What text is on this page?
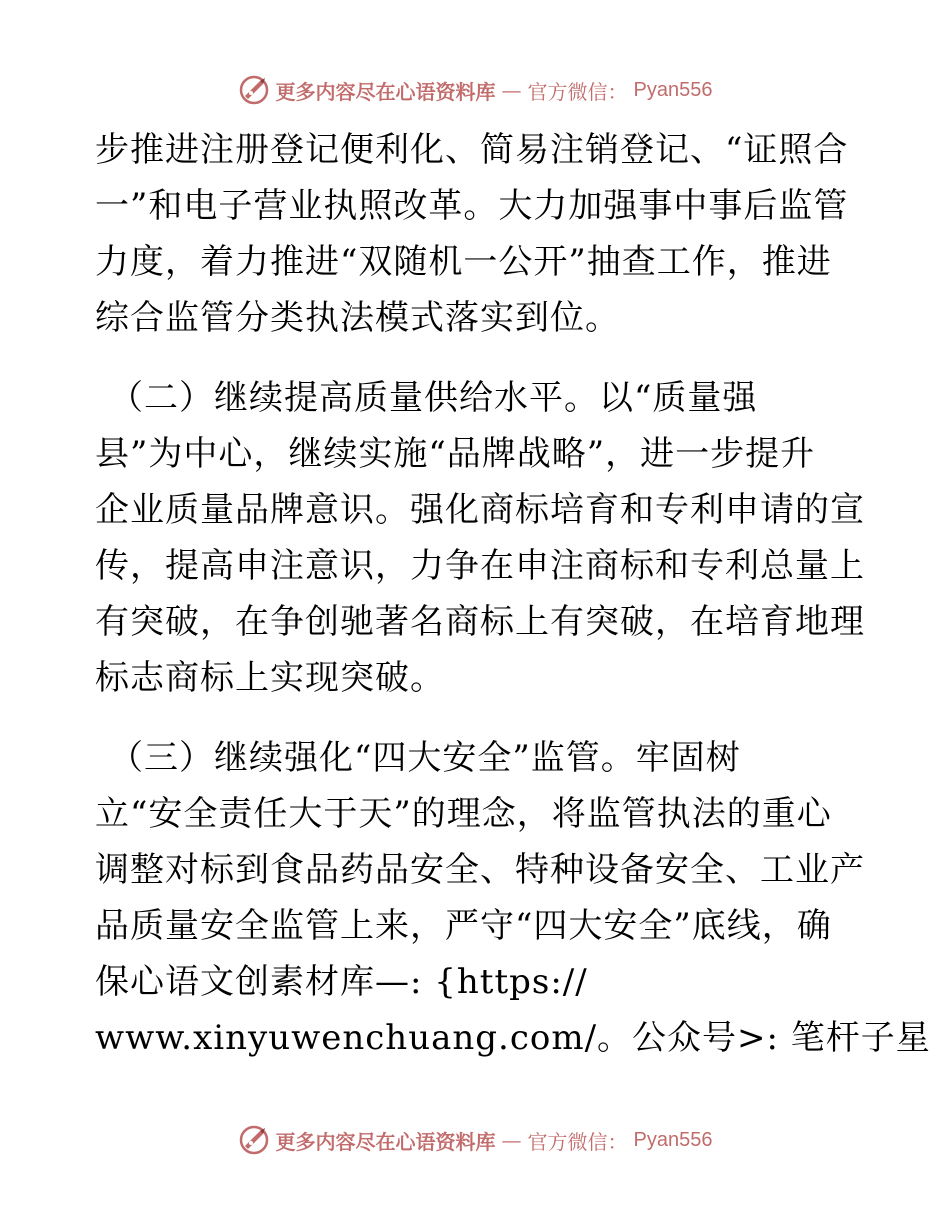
更多内容尽在心语资料库 — 官方微信： Pyan556
步推进注册登记便利化、简易注销登记、“证照合
一”和电子营业执照改革。大力加强事中事后监管
力度，着力推进“双随机一公开”抽查工作，推进
综合监管分类执法模式落实到位。
（二）继续提高质量供给水平。以“质量强
县”为中心，继续实施“品牌战略”，进一步提升
企业质量品牌意识。强化商标培育和专利申请的宣
传，提高申注意识，力争在申注商标和专利总量上
有突破，在争创驰著名商标上有突破，在培育地理
标志商标上实现突破。
（三）继续强化“四大安全”监管。牢固树
立“安全责任大于天”的理念，将监管执法的重心
调整对标到食品药品安全、特种设备安全、工业产
品质量安全监管上来，严守“四大安全”底线，确
保心语文创素材库—: {https://
www.xinyuwenchuang.com/。公众号>: 笔杆子星
更多内容尽在心语资料库 — 官方微信： Pyan556
